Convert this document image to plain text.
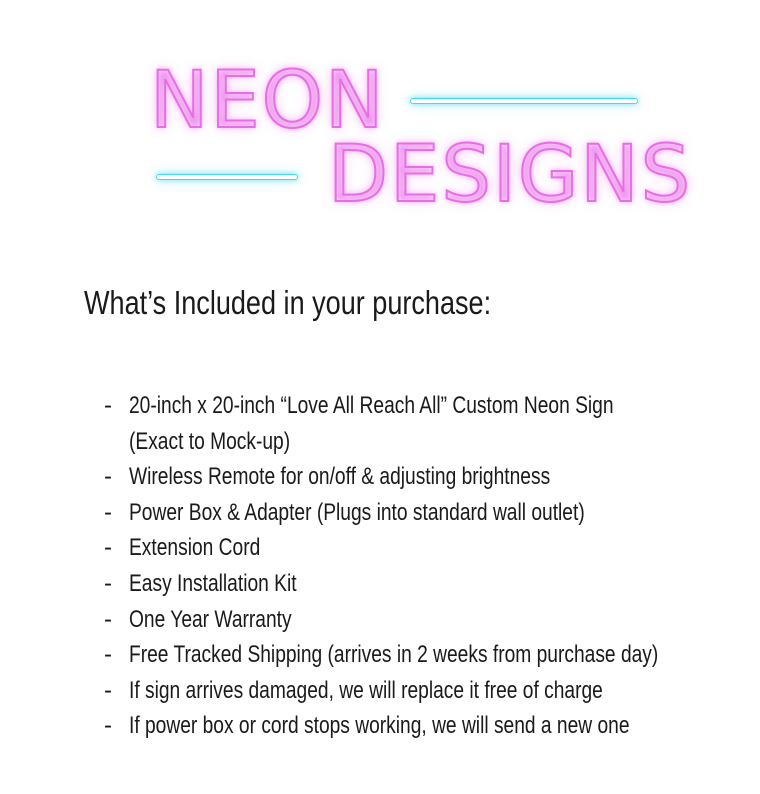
NEON
DESIGNS
What’s Included in your purchase:
- 20-inch x 20-inch “Love All Reach All” Custom Neon Sign
(Exact to Mock-up)
- Wireless Remote for on/off & adjusting brightness
- Power Box & Adapter (Plugs into standard wall outlet)
- Extension Cord
- Easy Installation Kit
- One Year Warranty
- Free Tracked Shipping (arrives in 2 weeks from purchase day)
- If sign arrives damaged, we will replace it free of charge
- If power box or cord stops working, we will send a new one
